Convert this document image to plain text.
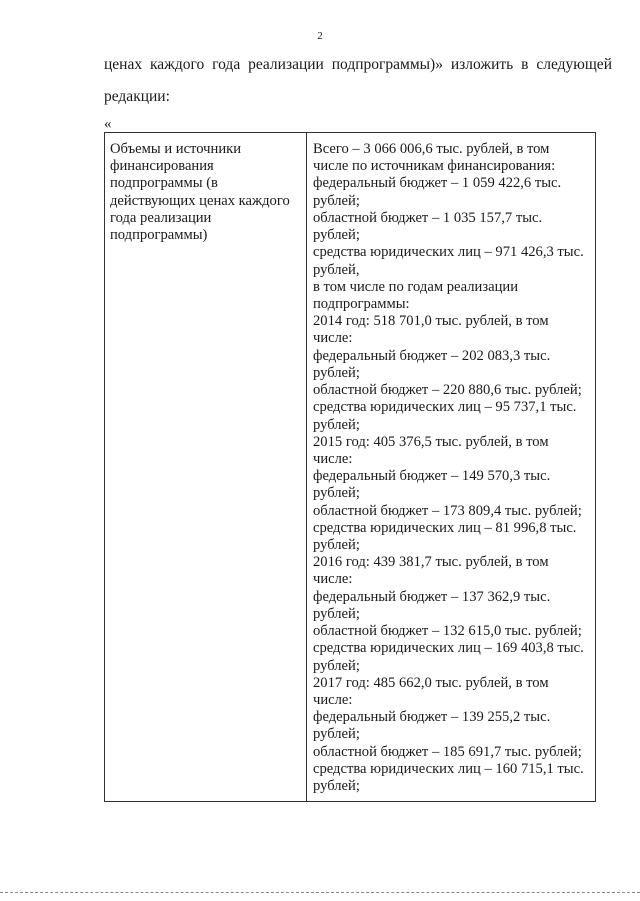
2
ценах каждого года реализации подпрограммы)» изложить в следующей
редакции:
«
Объемы и источники
финансирования
подпрограммы (в
действующих ценах каждого
года реализации
подпрограммы)
Всего – 3 066 006,6 тыс. рублей, в том
числе по источникам финансирования:
федеральный бюджет – 1 059 422,6 тыс.
рублей;
областной бюджет – 1 035 157,7 тыс.
рублей;
средства юридических лиц – 971 426,3 тыс.
рублей,
в том числе по годам реализации
подпрограммы:
2014 год: 518 701,0 тыс. рублей, в том
числе:
федеральный бюджет – 202 083,3 тыс.
рублей;
областной бюджет – 220 880,6 тыс. рублей;
средства юридических лиц – 95 737,1 тыс.
рублей;
2015 год: 405 376,5 тыс. рублей, в том
числе:
федеральный бюджет – 149 570,3 тыс.
рублей;
областной бюджет – 173 809,4 тыс. рублей;
средства юридических лиц – 81 996,8 тыс.
рублей;
2016 год: 439 381,7 тыс. рублей, в том
числе:
федеральный бюджет – 137 362,9 тыс.
рублей;
областной бюджет – 132 615,0 тыс. рублей;
средства юридических лиц – 169 403,8 тыс.
рублей;
2017 год: 485 662,0 тыс. рублей, в том
числе:
федеральный бюджет – 139 255,2 тыс.
рублей;
областной бюджет – 185 691,7 тыс. рублей;
средства юридических лиц – 160 715,1 тыс.
рублей;
